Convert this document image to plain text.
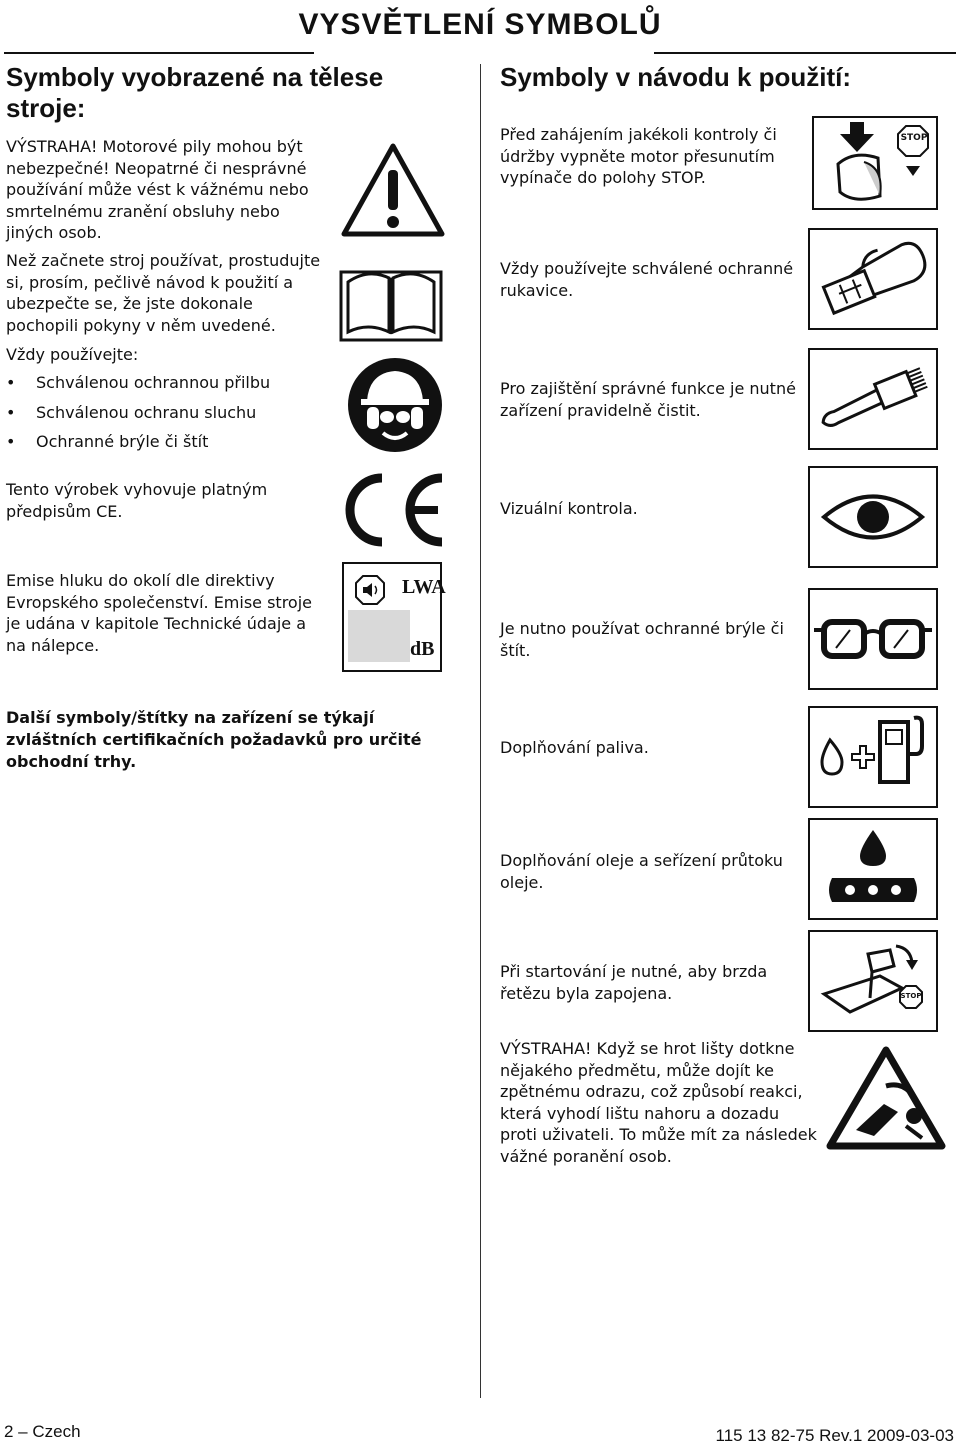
VYSVĚTLENÍ SYMBOLŮ
Symboly vyobrazené na tělese stroje:
VÝSTRAHA! Motorové pily mohou být nebezpečné! Neopatrné či nesprávné používání může vést k vážnému nebo smrtelnému zranění obsluhy nebo jiných osob.
Než začnete stroj používat, prostudujte si, prosím, pečlivě návod k použití a ubezpečte se, že jste dokonale pochopili pokyny v něm uvedené.
Vždy používejte:
• Schválenou ochrannou přilbu
• Schválenou ochranu sluchu
• Ochranné brýle či štít
Tento výrobek vyhovuje platným předpisům CE.
Emise hluku do okolí dle direktivy Evropského společenství. Emise stroje je udána v kapitole Technické údaje a na nálepce.
Další symboly/štítky na zařízení se týkají zvláštních certifikačních požadavků pro určité obchodní trhy.
LWA
dB
Symboly v návodu k použití:
Před zahájením jakékoli kontroly či údržby vypněte motor přesunutím vypínače do polohy STOP.
STOP
Vždy používejte schválené ochranné rukavice.
Pro zajištění správné funkce je nutné zařízení pravidelně čistit.
Vizuální kontrola.
Je nutno používat ochranné brýle či štít.
Doplňování paliva.
Doplňování oleje a seřízení průtoku oleje.
Při startování je nutné, aby brzda řetězu byla zapojena.	STOP
VÝSTRAHA! Když se hrot lišty dotkne nějakého předmětu, může dojít ke zpětnému odrazu, což způsobí reakci, která vyhodí lištu nahoru a dozadu proti uživateli. To může mít za následek vážné poranění osob.
2 – Czech	115 13 82-75 Rev.1 2009-03-03
